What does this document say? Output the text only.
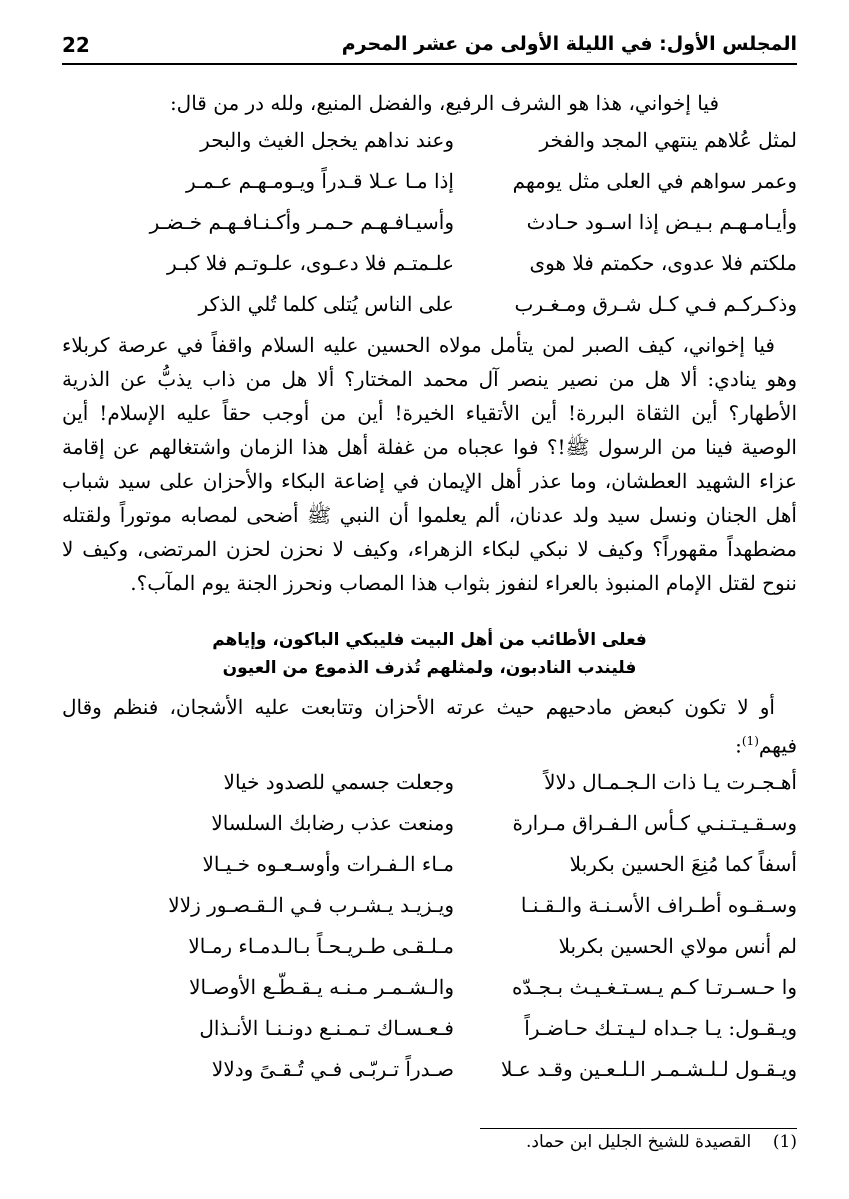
المجلس الأول: في الليلة الأولى من عشر المحرم
22
فيا إخواني، هذا هو الشرف الرفيع، والفضل المنيع، ولله در من قال:
لمثل عُلاهم ينتهي المجد والفخر
وعند نداهم يخجل الغيث والبحر
وعمر سواهم في العلى مثل يومهم
إذا مـا عـلا قـدراً ويـومـهـم عـمـر
وأيـامـهـم بـيـض إذا اسـود حـادث
وأسيـافـهـم حـمـر وأكـنـافـهـم خـضـر
ملكتم فلا عدوى، حكمتم فلا هوى
علـمتـم فلا دعـوى، علـوتـم فلا كبـر
وذكـركـم فـي كـل شـرق ومـغـرب
على الناس يُتلى كلما تُلي الذكر
فيا إخواني، كيف الصبر لمن يتأمل مولاه الحسين عليه السلام واقفاً في عرصة كربلاء وهو ينادي: ألا هل من نصير ينصر آل محمد المختار؟ ألا هل من ذاب يذبُّ عن الذرية الأطهار؟ أين الثقاة البررة! أين الأتقياء الخيرة! أين من أوجب حقاً عليه الإسلام! أين الوصية فينا من الرسول ﷺ!؟ فوا عجباه من غفلة أهل هذا الزمان واشتغالهم عن إقامة عزاء الشهيد العطشان، وما عذر أهل الإيمان في إضاعة البكاء والأحزان على سيد شباب أهل الجنان ونسل سيد ولد عدنان، ألم يعلموا أن النبي ﷺ أضحى لمصابه موتوراً ولقتله مضطهداً مقهوراً؟ وكيف لا نبكي لبكاء الزهراء، وكيف لا نحزن لحزن المرتضى، وكيف لا ننوح لقتل الإمام المنبوذ بالعراء لنفوز بثواب هذا المصاب ونحرز الجنة يوم المآب؟.
فعلى الأطائب من أهل البيت فليبكي الباكون، وإياهم
فليندب النادبون، ولمثلهم تُذرف الذموع من العيون
أو لا تكون كبعض مادحيهم حيث عرته الأحزان وتتابعت عليه الأشجان، فنظم وقال فيهم$^{(1)}$:
أهـجـرت يـا ذات الـجـمـال دلالاً
وجعلت جسمي للصدود خيالا
وسـقـيـتـنـي كـأس الـفـراق مـرارة
ومنعت عذب رضابك السلسالا
أسفاً كما مُنِعَ الحسين بكربلا
مـاء الـفـرات وأوسـعـوه خـيـالا
وسـقـوه أطـراف الأسـنـة والـقـنـا
ويـزيـد يـشـرب فـي الـقـصـور زلالا
لم أنس مولاي الحسين بكربلا
مـلـقـى طـريـحـاً بـالـدمـاء رمـالا
وا حـسـرتـا كـم يـسـتـغـيـث بـجـدّه
والـشـمـر مـنـه يـقـطّـع الأوصـالا
ويـقـول: يـا جـداه لـيـتـك حـاضـراً
فـعـسـاك تـمـنـع دونـنـا الأنـذال
ويـقـول لـلـشـمـر الـلـعـين وقـد عـلا
صـدراً تـربّـى فـي تُـقـىً ودلالا
(1)    القصيدة للشيخ الجليل ابن حماد.
